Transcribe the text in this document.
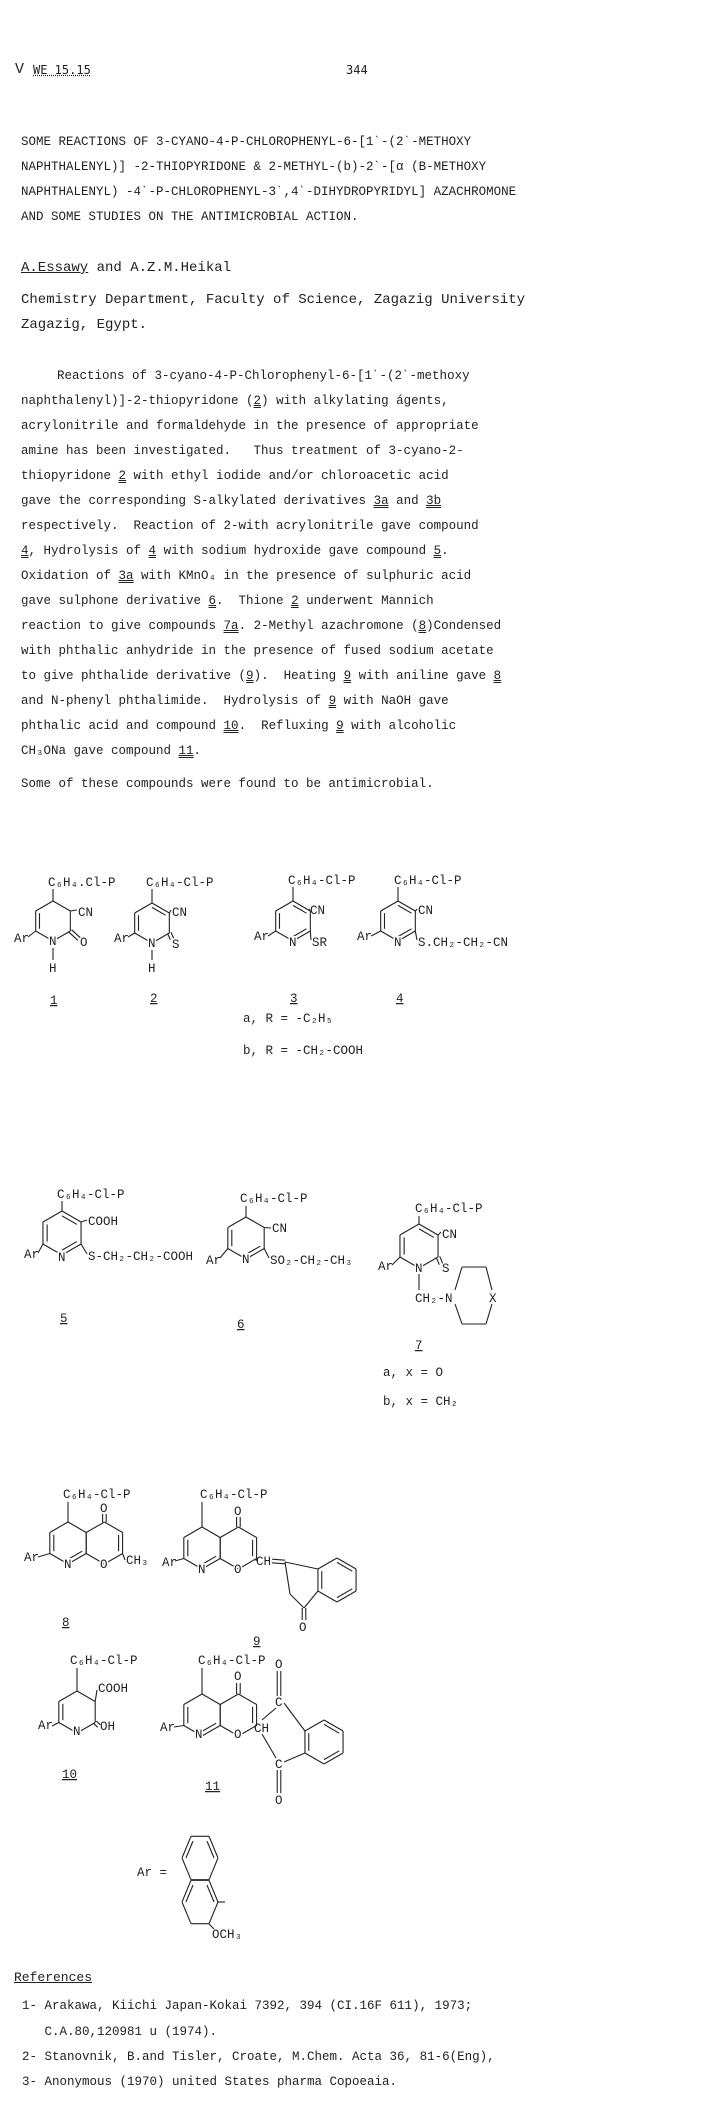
V WE 15.15	344
SOME REACTIONS OF 3-CYANO-4-P-CHLOROPHENYL-6-[1ˋ-(2ˋ-METHOXY
NAPHTHALENYL)] -2-THIOPYRIDONE & 2-METHYL-(b)-2ˋ-[α (B-METHOXY
NAPHTHALENYL) -4ˋ-P-CHLOROPHENYL-3ˋ,4ˋ-DIHYDROPYRIDYL] AZACHROMONE
AND SOME STUDIES ON THE ANTIMICROBIAL ACTION.
A.Essawy and A.Z.M.Heikal
Chemistry Department, Faculty of Science, Zagazig University
Zagazig, Egypt.
Reactions of 3-cyano-4-P-Chlorophenyl-6-[1ˋ-(2ˋ-methoxy
naphthalenyl)]-2-thiopyridone (2) with alkylating ágents,
acrylonitrile and formaldehyde in the presence of appropriate
amine has been investigated.   Thus treatment of 3-cyano-2-
thiopyridone 2 with ethyl iodide and/or chloroacetic acid
gave the corresponding S-alkylated derivatives 3a and 3b
respectively.  Reaction of 2-with acrylonitrile gave compound
4, Hydrolysis of 4 with sodium hydroxide gave compound 5.
Oxidation of 3a with KMnO₄ in the presence of sulphuric acid
gave sulphone derivative 6.  Thione 2 underwent Mannich
reaction to give compounds 7a. 2-Methyl azachromone (8)Condensed
with phthalic anhydride in the presence of fused sodium acetate
to give phthalide derivative (9).  Heating 9 with aniline gave 8
and N-phenyl phthalimide.  Hydrolysis of 9 with NaOH gave
phthalic acid and compound 10.  Refluxing 9 with alcoholic
CH₃ONa gave compound 11.
Some of these compounds were found to be antimicrobial.
C₆H₄.Cl-P
CN
O
Ar N
H
1
C₆H₄-Cl-P
CN
S
Ar N
H
2
C₆H₄-Cl-P
CN
SR
Ar N
3
a, R = -C₂H₅
b, R = -CH₂-COOH
C₆H₄-Cl-P
CN
S.CH₂-CH₂-CN
Ar N
4
C₆H₄-Cl-P
COOH
S-CH₂-CH₂-COOH
Ar N
5
C₆H₄-Cl-P
CN
SO₂-CH₂-CH₃
Ar N
6
C₆H₄-Cl-P
CN
S
Ar N
CH₂-N	X
7
a, x = O
b, x = CH₂
C₆H₄-Cl-P
O
O CH₃
Ar N
8
C₆H₄-Cl-P
O
O
CH
O
Ar N
9
C₆H₄-Cl-P
COOH
OH
Ar N
10
C₆H₄-Cl-P
O
O CH
C
C
O
O
Ar N
11
Ar =
OCH₃
References
1- Arakawa, Kiichi Japan-Kokai 7392, 394 (CI.16F 611), 1973;
C.A.80,120981 u (1974).
2- Stanovnik, B.and Tisler, Croate, M.Chem. Acta 36, 81-6(Eng),
3- Anonymous (1970) united States pharma Copoeaia.
